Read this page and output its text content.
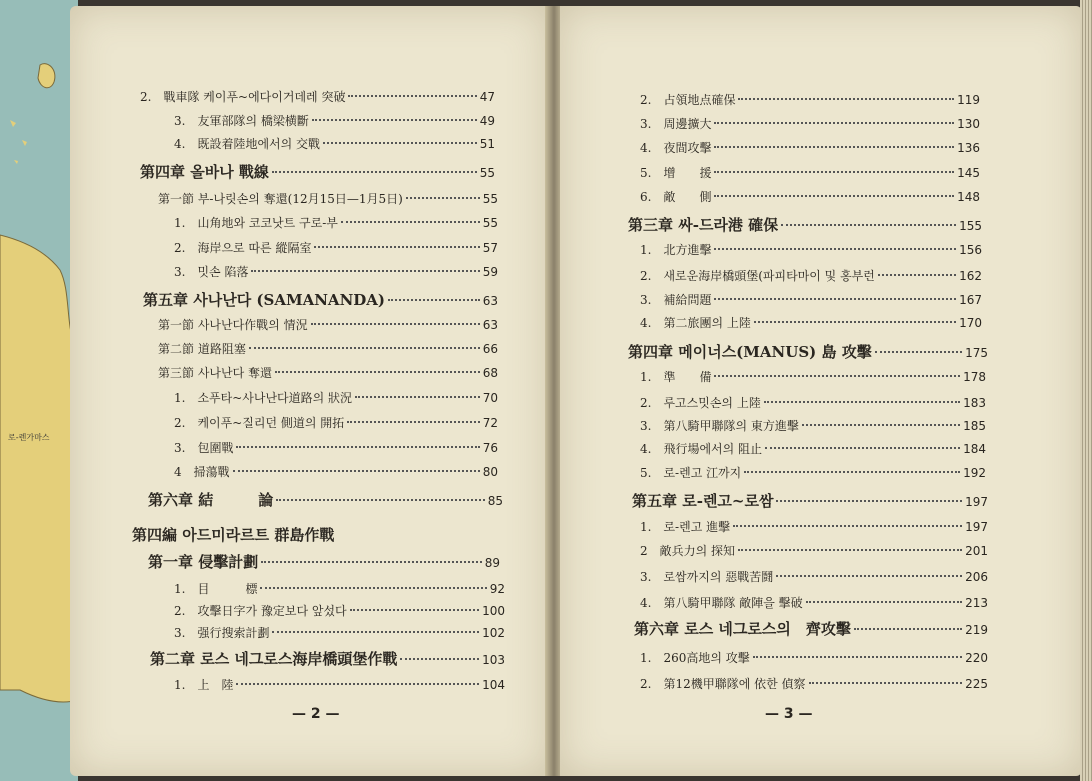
로-렌가마스
2.　戰車隊 케이푸~에다이거데레 突破	47
3.　友軍部隊의 橋梁横斷	49
4.　既設着陸地에서의 交戰	51
第四章 올바나 戰線	55
第一節 부-나릿손의 奪還(12月15日—1月5日)	55
1.　山角地와 코코낫트 구로-부	55
2.　海岸으로 따른 縱隔室	57
3.　밋손 陷落	59
第五章 사나난다 (SAMANANDA)	63
第一節 사나난다作戰의 情況	63
第二節 道路阻塞	66
第三節 사나난다 奪還	68
1.　소푸타~사나난다道路의 狀況	70
2.　케이푸~질리던 側道의 開拓	72
3.　包圍戰	76
4　掃蕩戰	80
第六章 結　　　論	85
第四編 아드미라르트 群島作戰
第一章 侵擊計劃	89
1.　目　　　標	92
2.　攻擊日字가 豫定보다 앞섰다	100
3.　强行搜索計劃	102
第二章 로스 네그로스海岸橋頭堡作戰	103
1.　上　陸	104
— 2 —
2.　占領地点確保	119
3.　周邊擴大	130
4.　夜間攻擊	136
5.　增　　援	145
6.　敵　　側	148
第三章 싸-드라港 確保	155
1.　北方進擊	156
2.　새로운海岸橋頭堡(파피타마이 및 홍부런	162
3.　補給問題	167
4.　第二旅團의 上陸	170
第四章 메이너스(MANUS) 島 攻擊	175
1.　準　　備	178
2.　루고스밋손의 上陸	183
3.　第八騎甲聯隊의 東方進擊	185
4.　飛行場에서의 阻止	184
5.　로-렌고 江까지	192
第五章 로-렌고~로쌈	197
1.　로-렌고 進擊	197
2　敵兵力의 探知	201
3.　로쌈까지의 惡戰苦鬪	206
4.　第八騎甲聯隊 敵陣을 擊破	213
第六章 로스 네그로스의　齊攻擊	219
1.　260高地의 攻擊	220
2.　第12機甲聯隊에 依한 偵察	225
— 3 —
